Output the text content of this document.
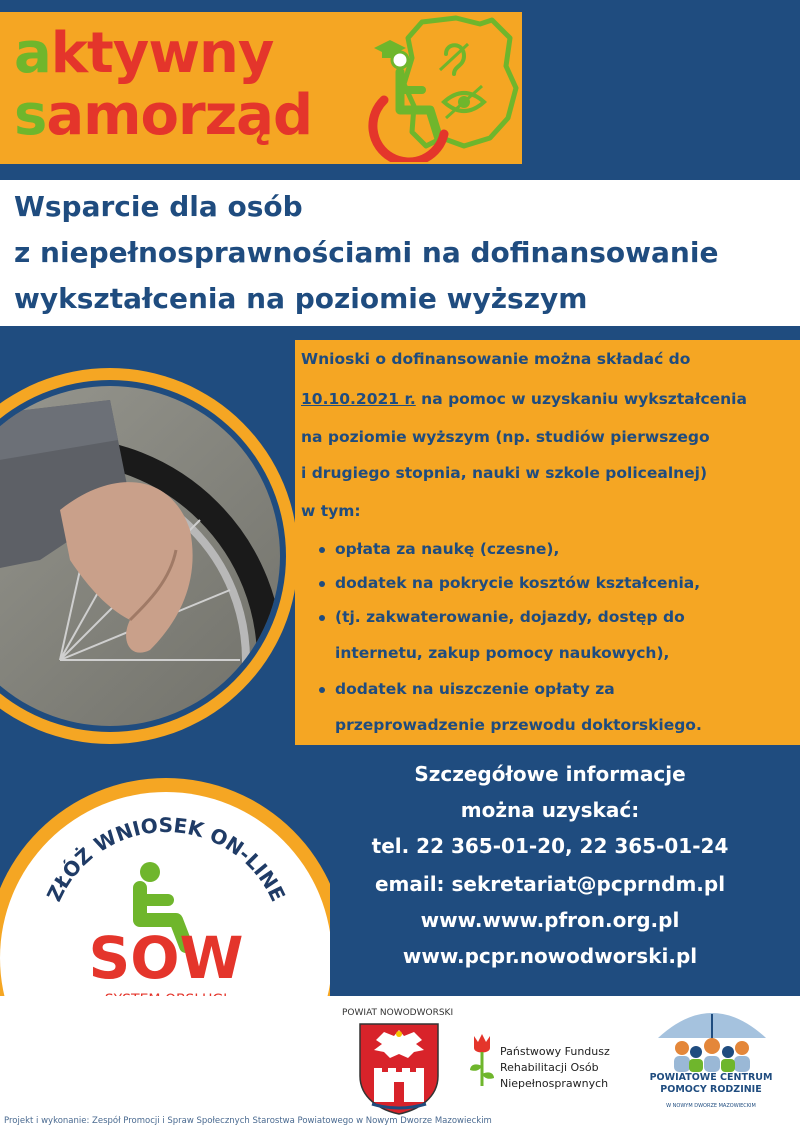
aktywny
samorząd
Wsparcie dla osób
z niepełnosprawnościami na dofinansowanie
wykształcenia na poziomie wyższym
Wnioski o dofinansowanie można składać do
10.10.2021 r. na pomoc w uzyskaniu wykształcenia
na poziomie wyższym (np. studiów pierwszego
i drugiego stopnia, nauki w szkole policealnej)
w tym:
opłata za naukę (czesne),
dodatek na pokrycie kosztów kształcenia,
(tj. zakwaterowanie, dojazdy, dostęp do
internetu, zakup pomocy naukowych),
dodatek na uiszczenie opłaty za
przeprowadzenie przewodu doktorskiego.
ZŁÓŻ WNIOSEK ON-LINE
SOW
Szczegółowe informacje
można uzyskać:
tel. 22 365-01-20, 22 365-01-24
email: sekretariat@pcprndm.pl
www.www.pfron.org.pl
www.pcpr.nowodworski.pl
POWIAT NOWODWORSKI
Państwowy Fundusz
Rehabilitacji Osób
Niepełnosprawnych	POWIATOWE CENTRUM
POMOCY RODZINIE
W NOWYM DWORZE MAZOWIECKIM
Projekt i wykonanie: Zespół Promocji i Spraw Społecznych Starostwa Powiatowego w Nowym Dworze Mazowieckim
